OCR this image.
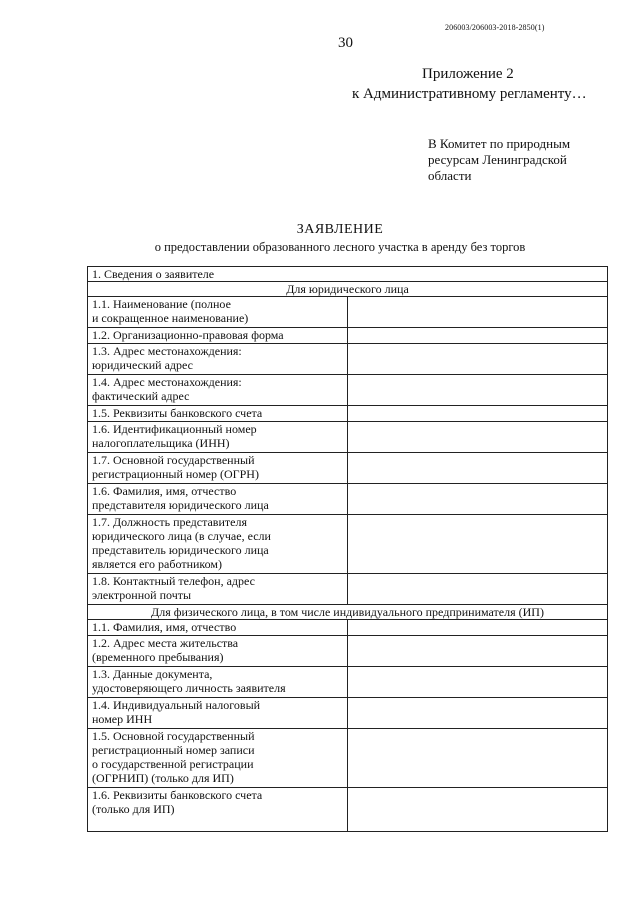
206003/206003-2018-2850(1)
30
Приложение 2
к Административному регламенту…
В Комитет по природным ресурсам Ленинградской области
ЗАЯВЛЕНИЕ
о предоставлении образованного лесного участка в аренду без торгов
1. Сведения о заявителе	
Для юридического лица	
1.1. Наименование (полное
и сокращенное наименование)	
1.2. Организационно-правовая форма	
1.3. Адрес местонахождения:
юридический адрес	
1.4. Адрес местонахождения:
фактический адрес	
1.5. Реквизиты банковского счета	
1.6. Идентификационный номер
налогоплательщика (ИНН)	
1.7. Основной государственный
регистрационный номер (ОГРН)	
1.6. Фамилия, имя, отчество
представителя юридического лица	
1.7. Должность представителя
юридического лица (в случае, если
представитель юридического лица
является его работником)	
1.8. Контактный телефон, адрес
электронной почты	
Для физического лица, в том числе индивидуального предпринимателя (ИП)	
1.1. Фамилия, имя, отчество	
1.2. Адрес места жительства
(временного пребывания)	
1.3. Данные документа,
удостоверяющего личность заявителя	
1.4. Индивидуальный налоговый
номер ИНН	
1.5. Основной государственный
регистрационный номер записи
о государственной регистрации
(ОГРНИП) (только для ИП)	
1.6. Реквизиты банковского счета
(только для ИП)	
